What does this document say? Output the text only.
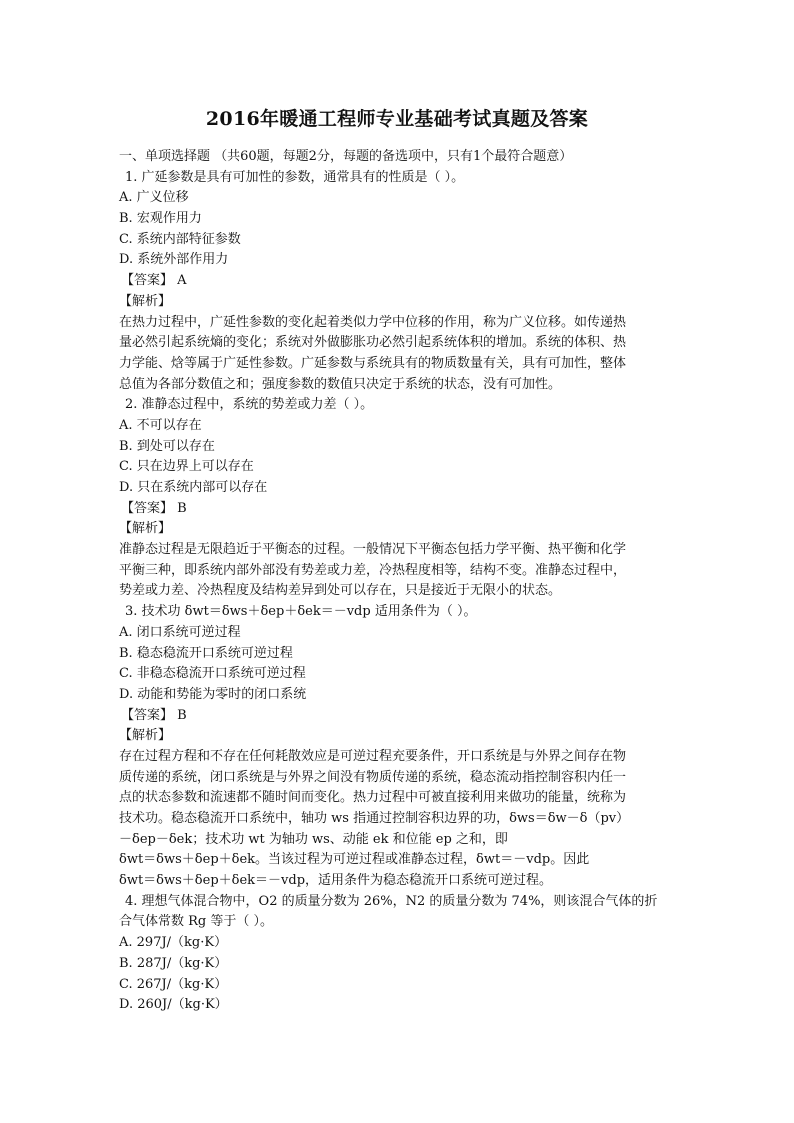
2016年暖通工程师专业基础考试真题及答案
一、单项选择题 （共60题，每题2分，每题的备选项中，只有1个最符合题意）
1. 广延参数是具有可加性的参数，通常具有的性质是（ ）。
A. 广义位移
B. 宏观作用力
C. 系统内部特征参数
D. 系统外部作用力
【答案】 A
【解析】
在热力过程中，广延性参数的变化起着类似力学中位移的作用，称为广义位移。如传递热
量必然引起系统熵的变化；系统对外做膨胀功必然引起系统体积的增加。系统的体积、热
力学能、焓等属于广延性参数。广延参数与系统具有的物质数量有关，具有可加性，整体
总值为各部分数值之和；强度参数的数值只决定于系统的状态，没有可加性。
2. 准静态过程中，系统的势差或力差（ ）。
A. 不可以存在
B. 到处可以存在
C. 只在边界上可以存在
D. 只在系统内部可以存在
【答案】 B
【解析】
准静态过程是无限趋近于平衡态的过程。一般情况下平衡态包括力学平衡、热平衡和化学
平衡三种，即系统内部外部没有势差或力差，冷热程度相等，结构不变。准静态过程中，
势差或力差、冷热程度及结构差异到处可以存在，只是接近于无限小的状态。
3. 技术功 δwt＝δws＋δep＋δek＝－vdp 适用条件为（ ）。
A. 闭口系统可逆过程
B. 稳态稳流开口系统可逆过程
C. 非稳态稳流开口系统可逆过程
D. 动能和势能为零时的闭口系统
【答案】 B
【解析】
存在过程方程和不存在任何耗散效应是可逆过程充要条件，开口系统是与外界之间存在物
质传递的系统，闭口系统是与外界之间没有物质传递的系统，稳态流动指控制容积内任一
点的状态参数和流速都不随时间而变化。热力过程中可被直接利用来做功的能量，统称为
技术功。稳态稳流开口系统中，轴功 ws 指通过控制容积边界的功，δws＝δw－δ（pv）
－δep－δek；技术功 wt 为轴功 ws、动能 ek 和位能 ep 之和，即
δwt＝δws＋δep＋δek。当该过程为可逆过程或准静态过程，δwt＝－vdp。因此
δwt＝δws＋δep＋δek＝－vdp，适用条件为稳态稳流开口系统可逆过程。
4. 理想气体混合物中，O2 的质量分数为 26%，N2 的质量分数为 74%，则该混合气体的折
合气体常数 Rg 等于（ ）。
A. 297J/（kg·K）
B. 287J/（kg·K）
C. 267J/（kg·K）
D. 260J/（kg·K）
